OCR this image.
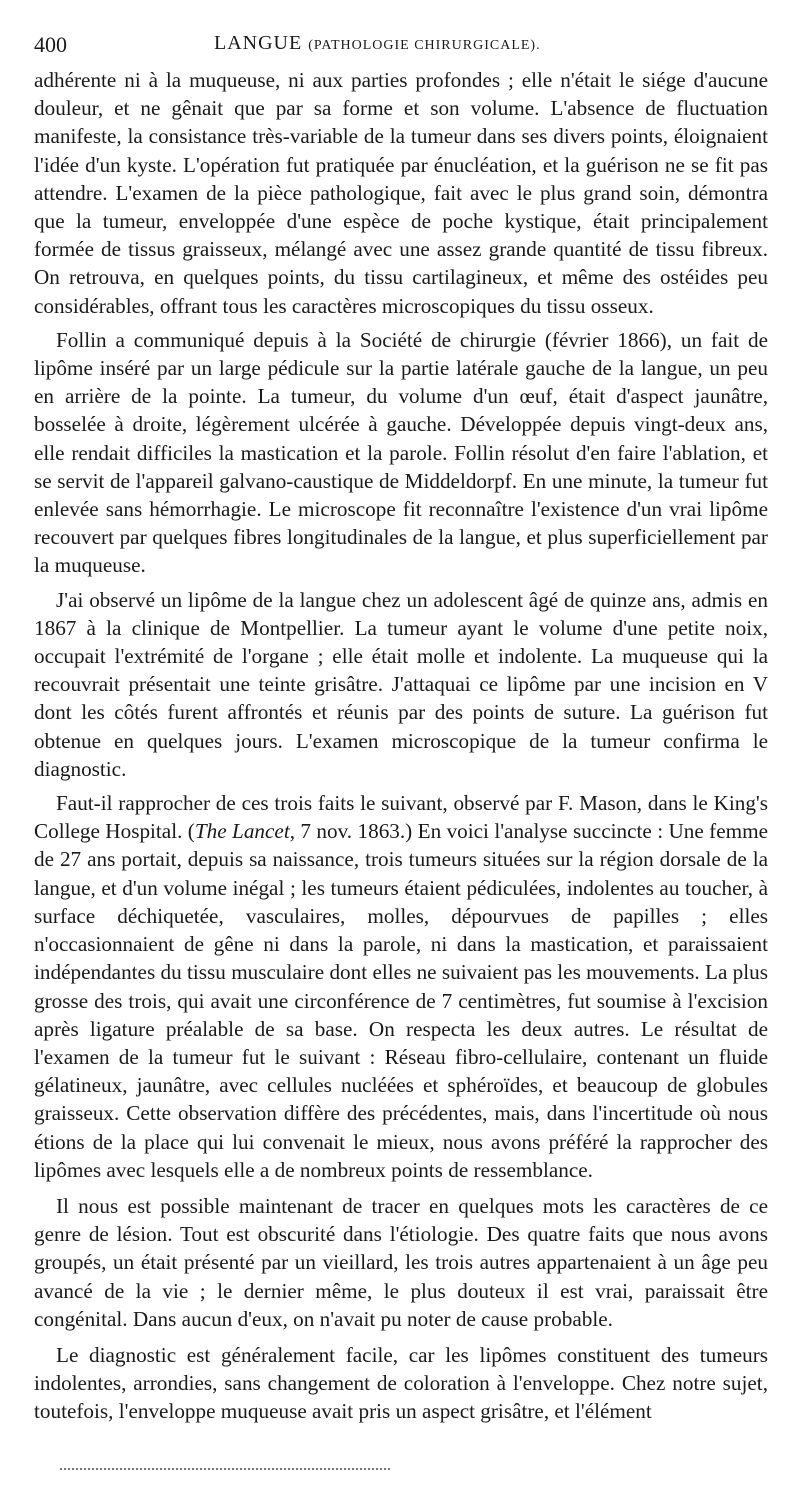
400	LANGUE (PATHOLOGIE CHIRURGICALE).

adhérente ni à la muqueuse, ni aux parties profondes ; elle n'était le siége d'aucune douleur, et ne gênait que par sa forme et son volume. L'absence de fluctuation manifeste, la consistance très-variable de la tumeur dans ses divers points, éloignaient l'idée d'un kyste. L'opération fut pratiquée par énucléation, et la guérison ne se fit pas attendre. L'examen de la pièce pathologique, fait avec le plus grand soin, démontra que la tumeur, enveloppée d'une espèce de poche kystique, était principalement formée de tissus graisseux, mélangé avec une assez grande quantité de tissu fibreux. On retrouva, en quelques points, du tissu cartilagineux, et même des ostéides peu considérables, offrant tous les caractères microscopiques du tissu osseux.

Follin a communiqué depuis à la Société de chirurgie (février 1866), un fait de lipôme inséré par un large pédicule sur la partie latérale gauche de la langue, un peu en arrière de la pointe. La tumeur, du volume d'un œuf, était d'aspect jaunâtre, bosselée à droite, légèrement ulcérée à gauche. Développée depuis vingt-deux ans, elle rendait difficiles la mastication et la parole. Follin résolut d'en faire l'ablation, et se servit de l'appareil galvano-caustique de Middeldorpf. En une minute, la tumeur fut enlevée sans hémorrhagie. Le microscope fit reconnaître l'existence d'un vrai lipôme recouvert par quelques fibres longitudinales de la langue, et plus superficiellement par la muqueuse.

J'ai observé un lipôme de la langue chez un adolescent âgé de quinze ans, admis en 1867 à la clinique de Montpellier. La tumeur ayant le volume d'une petite noix, occupait l'extrémité de l'organe ; elle était molle et indolente. La muqueuse qui la recouvrait présentait une teinte grisâtre. J'attaquai ce lipôme par une incision en V dont les côtés furent affrontés et réunis par des points de suture. La guérison fut obtenue en quelques jours. L'examen microscopique de la tumeur confirma le diagnostic.

Faut-il rapprocher de ces trois faits le suivant, observé par F. Mason, dans le King's College Hospital. (The Lancet, 7 nov. 1863.) En voici l'analyse succincte : Une femme de 27 ans portait, depuis sa naissance, trois tumeurs situées sur la région dorsale de la langue, et d'un volume inégal ; les tumeurs étaient pédiculées, indolentes au toucher, à surface déchiquetée, vasculaires, molles, dépourvues de papilles ; elles n'occasionnaient de gêne ni dans la parole, ni dans la mastication, et paraissaient indépendantes du tissu musculaire dont elles ne suivaient pas les mouvements. La plus grosse des trois, qui avait une circonférence de 7 centimètres, fut soumise à l'excision après ligature préalable de sa base. On respecta les deux autres. Le résultat de l'examen de la tumeur fut le suivant : Réseau fibro-cellulaire, contenant un fluide gélatineux, jaunâtre, avec cellules nucléées et sphéroïdes, et beaucoup de globules graisseux. Cette observation diffère des précédentes, mais, dans l'incertitude où nous étions de la place qui lui convenait le mieux, nous avons préféré la rapprocher des lipômes avec lesquels elle a de nombreux points de ressemblance.

Il nous est possible maintenant de tracer en quelques mots les caractères de ce genre de lésion. Tout est obscurité dans l'étiologie. Des quatre faits que nous avons groupés, un était présenté par un vieillard, les trois autres appartenaient à un âge peu avancé de la vie ; le dernier même, le plus douteux il est vrai, paraissait être congénital. Dans aucun d'eux, on n'avait pu noter de cause probable.

Le diagnostic est généralement facile, car les lipômes constituent des tumeurs indolentes, arrondies, sans changement de coloration à l'enveloppe. Chez notre sujet, toutefois, l'enveloppe muqueuse avait pris un aspect grisâtre, et l'élément
